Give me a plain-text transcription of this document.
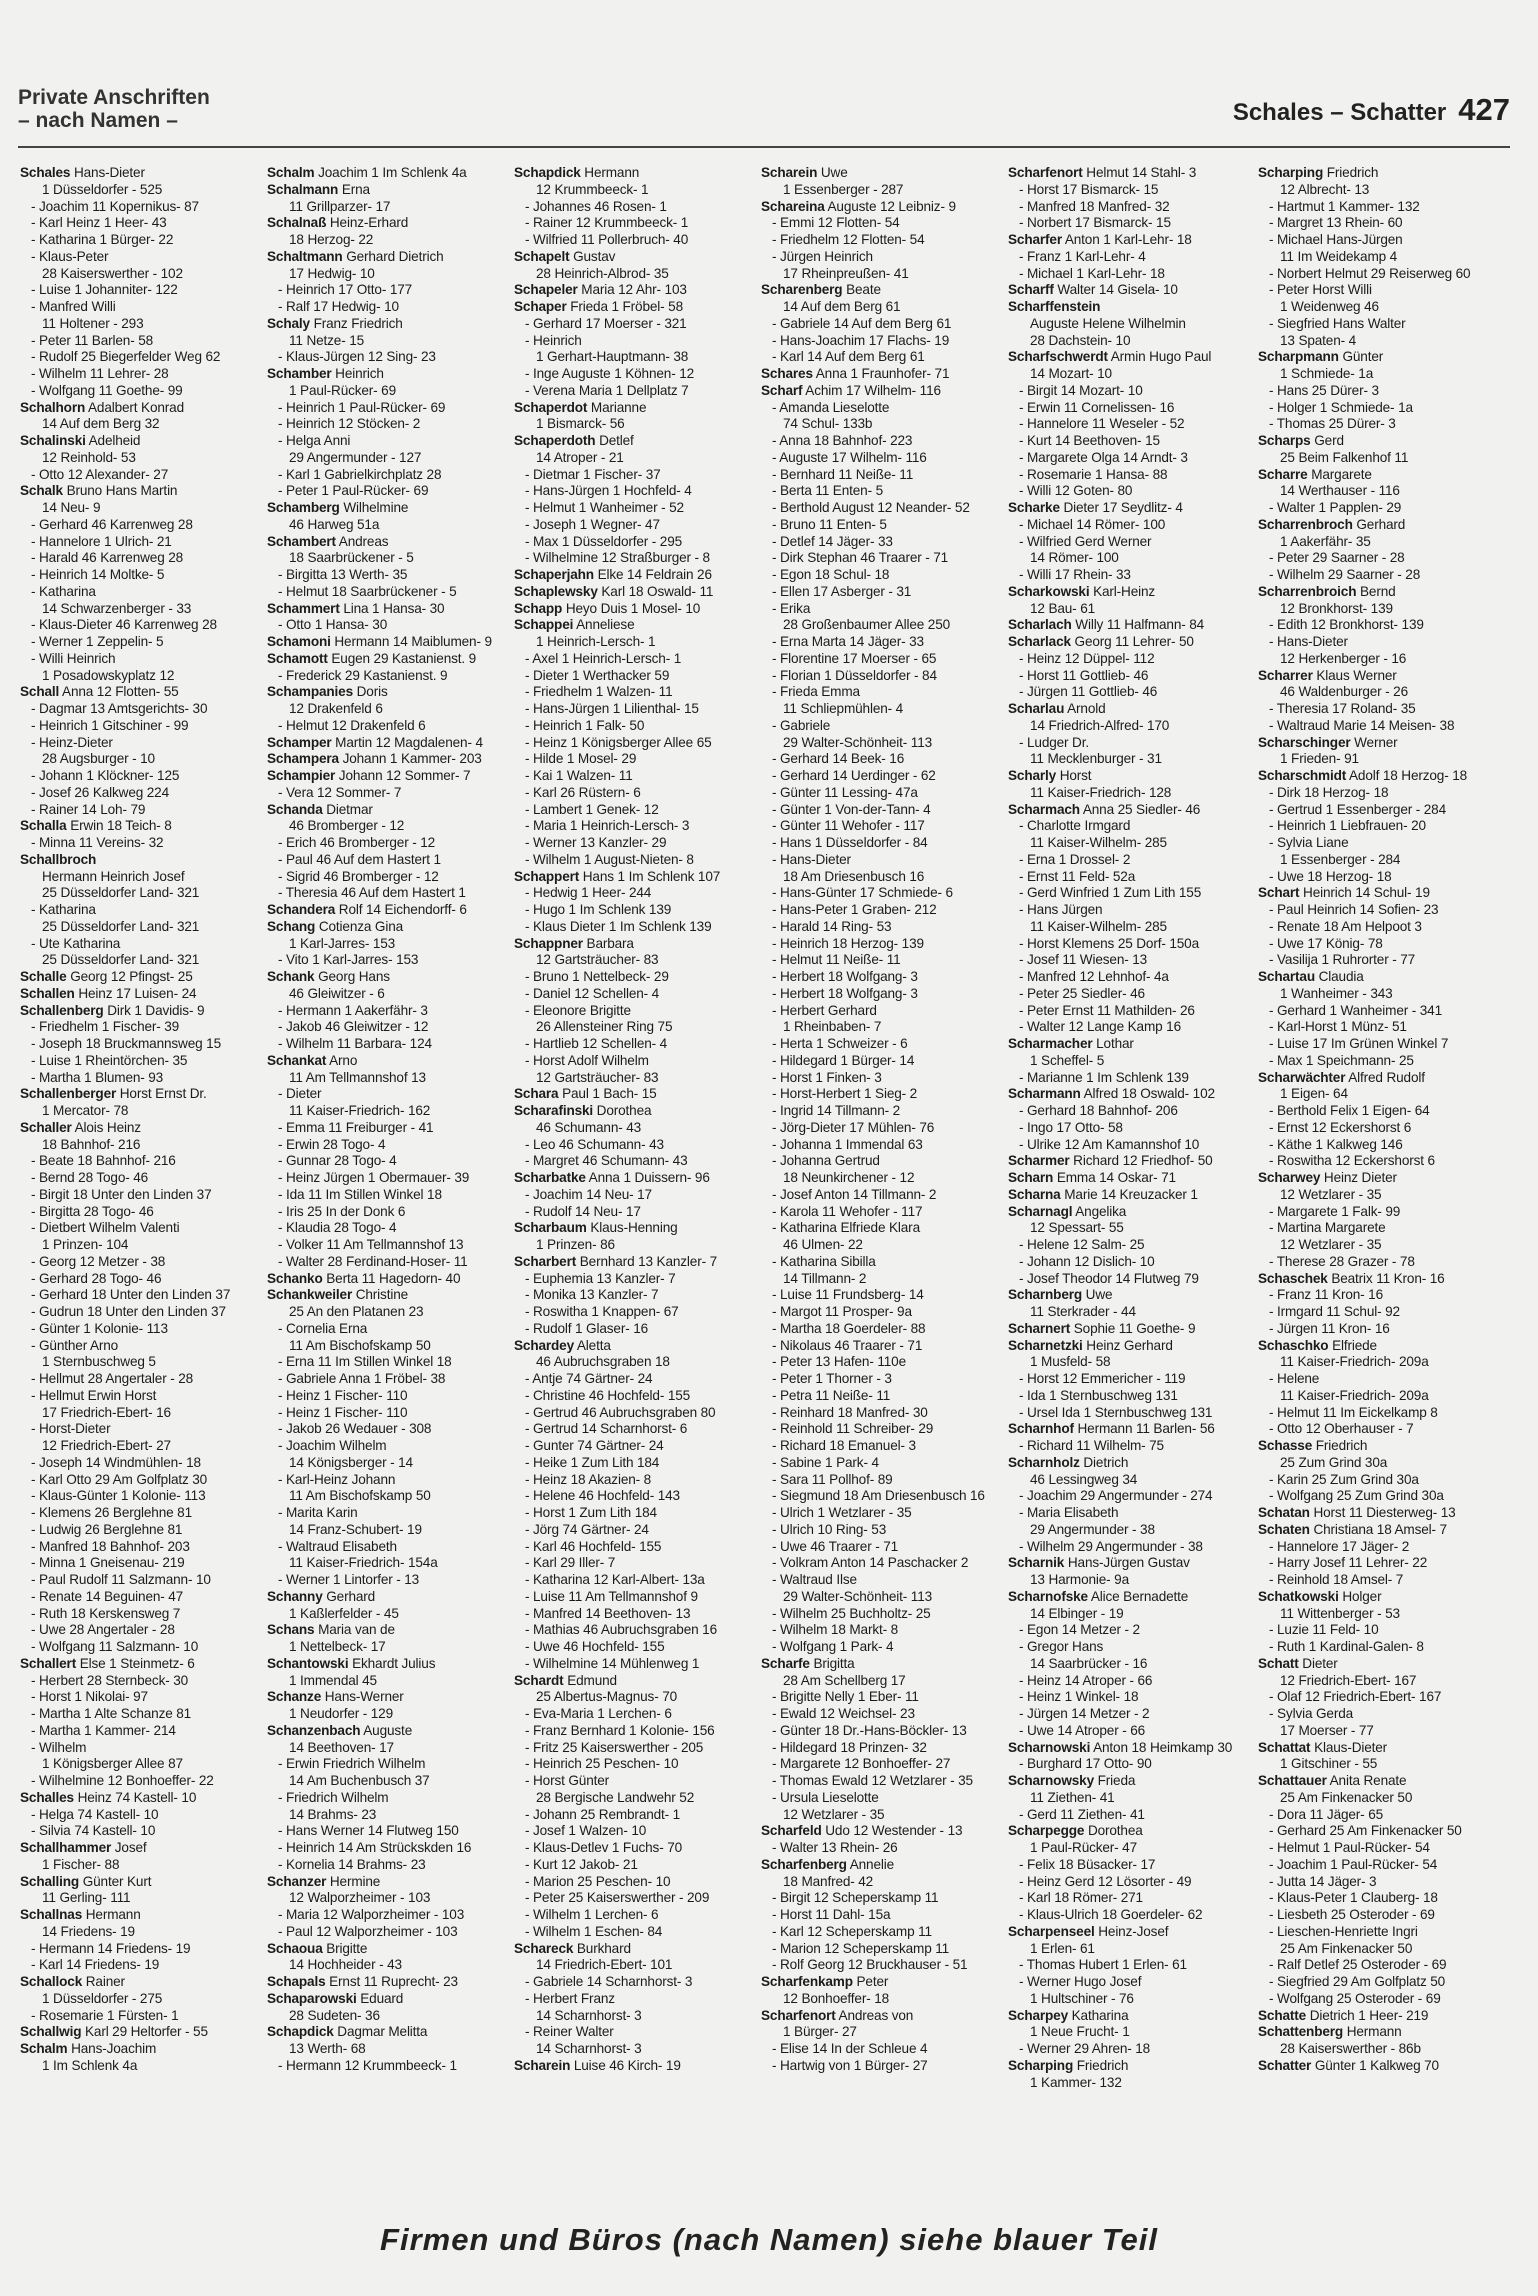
Private Anschriften
– nach Namen –	Schales – Schatter 427
Schales Hans-Dieter
1 Düsseldorfer - 525
- Joachim 11 Kopernikus- 87
- Karl Heinz 1 Heer- 43
- Katharina 1 Bürger- 22
- Klaus-Peter
28 Kaiserswerther - 102
- Luise 1 Johanniter- 122
- Manfred Willi
11 Holtener - 293
- Peter 11 Barlen- 58
- Rudolf 25 Biegerfelder Weg 62
- Wilhelm 11 Lehrer- 28
- Wolfgang 11 Goethe- 99
Schalhorn Adalbert Konrad
14 Auf dem Berg 32
Schalinski Adelheid
12 Reinhold- 53
- Otto 12 Alexander- 27
Schalk Bruno Hans Martin
14 Neu- 9
- Gerhard 46 Karrenweg 28
- Hannelore 1 Ulrich- 21
- Harald 46 Karrenweg 28
- Heinrich 14 Moltke- 5
- Katharina
14 Schwarzenberger - 33
- Klaus-Dieter 46 Karrenweg 28
- Werner 1 Zeppelin- 5
- Willi Heinrich
1 Posadowskyplatz 12
Schall Anna 12 Flotten- 55
- Dagmar 13 Amtsgerichts- 30
- Heinrich 1 Gitschiner - 99
- Heinz-Dieter
28 Augsburger - 10
- Johann 1 Klöckner- 125
- Josef 26 Kalkweg 224
- Rainer 14 Loh- 79
Schalla Erwin 18 Teich- 8
- Minna 11 Vereins- 32
Schallbroch
Hermann Heinrich Josef
25 Düsseldorfer Land- 321
- Katharina
25 Düsseldorfer Land- 321
- Ute Katharina
25 Düsseldorfer Land- 321
Schalle Georg 12 Pfingst- 25
Schallen Heinz 17 Luisen- 24
Schallenberg Dirk 1 Davidis- 9
- Friedhelm 1 Fischer- 39
- Joseph 18 Bruckmannsweg 15
- Luise 1 Rheintörchen- 35
- Martha 1 Blumen- 93
Schallenberger Horst Ernst Dr.
1 Mercator- 78
Schaller Alois Heinz
18 Bahnhof- 216
- Beate 18 Bahnhof- 216
- Bernd 28 Togo- 46
- Birgit 18 Unter den Linden 37
- Birgitta 28 Togo- 46
- Dietbert Wilhelm Valenti
1 Prinzen- 104
- Georg 12 Metzer - 38
- Gerhard 28 Togo- 46
- Gerhard 18 Unter den Linden 37
- Gudrun 18 Unter den Linden 37
- Günter 1 Kolonie- 113
- Günther Arno
1 Sternbuschweg 5
- Hellmut 28 Angertaler - 28
- Hellmut Erwin Horst
17 Friedrich-Ebert- 16
- Horst-Dieter
12 Friedrich-Ebert- 27
- Joseph 14 Windmühlen- 18
- Karl Otto 29 Am Golfplatz 30
- Klaus-Günter 1 Kolonie- 113
- Klemens 26 Berglehne 81
- Ludwig 26 Berglehne 81
- Manfred 18 Bahnhof- 203
- Minna 1 Gneisenau- 219
- Paul Rudolf 11 Salzmann- 10
- Renate 14 Beguinen- 47
- Ruth 18 Kerskensweg 7
- Uwe 28 Angertaler - 28
- Wolfgang 11 Salzmann- 10
Schallert Else 1 Steinmetz- 6
- Herbert 28 Sternbeck- 30
- Horst 1 Nikolai- 97
- Martha 1 Alte Schanze 81
- Martha 1 Kammer- 214
- Wilhelm
1 Königsberger Allee 87
- Wilhelmine 12 Bonhoeffer- 22
Schalles Heinz 74 Kastell- 10
- Helga 74 Kastell- 10
- Silvia 74 Kastell- 10
Schallhammer Josef
1 Fischer- 88
Schalling Günter Kurt
11 Gerling- 111
Schallnas Hermann
14 Friedens- 19
- Hermann 14 Friedens- 19
- Karl 14 Friedens- 19
Schallock Rainer
1 Düsseldorfer - 275
- Rosemarie 1 Fürsten- 1
Schallwig Karl 29 Heltorfer - 55
Schalm Hans-Joachim
1 Im Schlenk 4a
Schalm Joachim 1 Im Schlenk 4a
Schalmann Erna
11 Grillparzer- 17
Schalnaß Heinz-Erhard
18 Herzog- 22
Schaltmann Gerhard Dietrich
17 Hedwig- 10
- Heinrich 17 Otto- 177
- Ralf 17 Hedwig- 10
Schaly Franz Friedrich
11 Netze- 15
- Klaus-Jürgen 12 Sing- 23
Schamber Heinrich
1 Paul-Rücker- 69
- Heinrich 1 Paul-Rücker- 69
- Heinrich 12 Stöcken- 2
- Helga Anni
29 Angermunder - 127
- Karl 1 Gabrielkirchplatz 28
- Peter 1 Paul-Rücker- 69
Schamberg Wilhelmine
46 Harweg 51a
Schambert Andreas
18 Saarbrückener - 5
- Birgitta 13 Werth- 35
- Helmut 18 Saarbrückener - 5
Schammert Lina 1 Hansa- 30
- Otto 1 Hansa- 30
Schamoni Hermann 14 Maiblumen- 9
Schamott Eugen 29 Kastanienst. 9
- Frederick 29 Kastanienst. 9
Schampanies Doris
12 Drakenfeld 6
- Helmut 12 Drakenfeld 6
Schamper Martin 12 Magdalenen- 4
Schampera Johann 1 Kammer- 203
Schampier Johann 12 Sommer- 7
- Vera 12 Sommer- 7
Schanda Dietmar
46 Bromberger - 12
- Erich 46 Bromberger - 12
- Paul 46 Auf dem Hastert 1
- Sigrid 46 Bromberger - 12
- Theresia 46 Auf dem Hastert 1
Schandera Rolf 14 Eichendorff- 6
Schang Cotienza Gina
1 Karl-Jarres- 153
- Vito 1 Karl-Jarres- 153
Schank Georg Hans
46 Gleiwitzer - 6
- Hermann 1 Aakerfähr- 3
- Jakob 46 Gleiwitzer - 12
- Wilhelm 11 Barbara- 124
Schankat Arno
11 Am Tellmannshof 13
- Dieter
11 Kaiser-Friedrich- 162
- Emma 11 Freiburger - 41
- Erwin 28 Togo- 4
- Gunnar 28 Togo- 4
- Heinz Jürgen 1 Obermauer- 39
- Ida 11 Im Stillen Winkel 18
- Iris 25 In der Donk 6
- Klaudia 28 Togo- 4
- Volker 11 Am Tellmannshof 13
- Walter 28 Ferdinand-Hoser- 11
Schanko Berta 11 Hagedorn- 40
Schankweiler Christine
25 An den Platanen 23
- Cornelia Erna
11 Am Bischofskamp 50
- Erna 11 Im Stillen Winkel 18
- Gabriele Anna 1 Fröbel- 38
- Heinz 1 Fischer- 110
- Heinz 1 Fischer- 110
- Jakob 26 Wedauer - 308
- Joachim Wilhelm
14 Königsberger - 14
- Karl-Heinz Johann
11 Am Bischofskamp 50
- Marita Karin
14 Franz-Schubert- 19
- Waltraud Elisabeth
11 Kaiser-Friedrich- 154a
- Werner 1 Lintorfer - 13
Schanny Gerhard
1 Kaßlerfelder - 45
Schans Maria van de
1 Nettelbeck- 17
Schantowski Ekhardt Julius
1 Immendal 45
Schanze Hans-Werner
1 Neudorfer - 129
Schanzenbach Auguste
14 Beethoven- 17
- Erwin Friedrich Wilhelm
14 Am Buchenbusch 37
- Friedrich Wilhelm
14 Brahms- 23
- Hans Werner 14 Flutweg 150
- Heinrich 14 Am Strückskden 16
- Kornelia 14 Brahms- 23
Schanzer Hermine
12 Walporzheimer - 103
- Maria 12 Walporzheimer - 103
- Paul 12 Walporzheimer - 103
Schaoua Brigitte
14 Hochheider - 43
Schapals Ernst 11 Ruprecht- 23
Schaparowski Eduard
28 Sudeten- 36
Schapdick Dagmar Melitta
13 Werth- 68
- Hermann 12 Krummbeeck- 1
Schapdick Hermann
12 Krummbeeck- 1
- Johannes 46 Rosen- 1
- Rainer 12 Krummbeeck- 1
- Wilfried 11 Pollerbruch- 40
Schapelt Gustav
28 Heinrich-Albrod- 35
Schapeler Maria 12 Ahr- 103
Schaper Frieda 1 Fröbel- 58
- Gerhard 17 Moerser - 321
- Heinrich
1 Gerhart-Hauptmann- 38
- Inge Auguste 1 Köhnen- 12
- Verena Maria 1 Dellplatz 7
Schaperdot Marianne
1 Bismarck- 56
Schaperdoth Detlef
14 Atroper - 21
- Dietmar 1 Fischer- 37
- Hans-Jürgen 1 Hochfeld- 4
- Helmut 1 Wanheimer - 52
- Joseph 1 Wegner- 47
- Max 1 Düsseldorfer - 295
- Wilhelmine 12 Straßburger - 8
Schaperjahn Elke 14 Feldrain 26
Schaplewsky Karl 18 Oswald- 11
Schapp Heyo Duis 1 Mosel- 10
Schappei Anneliese
1 Heinrich-Lersch- 1
- Axel 1 Heinrich-Lersch- 1
- Dieter 1 Werthacker 59
- Friedhelm 1 Walzen- 11
- Hans-Jürgen 1 Lilienthal- 15
- Heinrich 1 Falk- 50
- Heinz 1 Königsberger Allee 65
- Hilde 1 Mosel- 29
- Kai 1 Walzen- 11
- Karl 26 Rüstern- 6
- Lambert 1 Genek- 12
- Maria 1 Heinrich-Lersch- 3
- Werner 13 Kanzler- 29
- Wilhelm 1 August-Nieten- 8
Schappert Hans 1 Im Schlenk 107
- Hedwig 1 Heer- 244
- Hugo 1 Im Schlenk 139
- Klaus Dieter 1 Im Schlenk 139
Schappner Barbara
12 Gartsträucher- 83
- Bruno 1 Nettelbeck- 29
- Daniel 12 Schellen- 4
- Eleonore Brigitte
26 Allensteiner Ring 75
- Hartlieb 12 Schellen- 4
- Horst Adolf Wilhelm
12 Gartsträucher- 83
Schara Paul 1 Bach- 15
Scharafinski Dorothea
46 Schumann- 43
- Leo 46 Schumann- 43
- Margret 46 Schumann- 43
Scharbatke Anna 1 Duissern- 96
- Joachim 14 Neu- 17
- Rudolf 14 Neu- 17
Scharbaum Klaus-Henning
1 Prinzen- 86
Scharbert Bernhard 13 Kanzler- 7
- Euphemia 13 Kanzler- 7
- Monika 13 Kanzler- 7
- Roswitha 1 Knappen- 67
- Rudolf 1 Glaser- 16
Schardey Aletta
46 Aubruchsgraben 18
- Antje 74 Gärtner- 24
- Christine 46 Hochfeld- 155
- Gertrud 46 Aubruchsgraben 80
- Gertrud 14 Scharnhorst- 6
- Gunter 74 Gärtner- 24
- Heike 1 Zum Lith 184
- Heinz 18 Akazien- 8
- Helene 46 Hochfeld- 143
- Horst 1 Zum Lith 184
- Jörg 74 Gärtner- 24
- Karl 46 Hochfeld- 155
- Karl 29 Iller- 7
- Katharina 12 Karl-Albert- 13a
- Luise 11 Am Tellmannshof 9
- Manfred 14 Beethoven- 13
- Mathias 46 Aubruchsgraben 16
- Uwe 46 Hochfeld- 155
- Wilhelmine 14 Mühlenweg 1
Schardt Edmund
25 Albertus-Magnus- 70
- Eva-Maria 1 Lerchen- 6
- Franz Bernhard 1 Kolonie- 156
- Fritz 25 Kaiserswerther - 205
- Heinrich 25 Peschen- 10
- Horst Günter
28 Bergische Landwehr 52
- Johann 25 Rembrandt- 1
- Josef 1 Walzen- 10
- Klaus-Detlev 1 Fuchs- 70
- Kurt 12 Jakob- 21
- Marion 25 Peschen- 10
- Peter 25 Kaiserswerther - 209
- Wilhelm 1 Lerchen- 6
- Wilhelm 1 Eschen- 84
Schareck Burkhard
14 Friedrich-Ebert- 101
- Gabriele 14 Scharnhorst- 3
- Herbert Franz
14 Scharnhorst- 3
- Reiner Walter
14 Scharnhorst- 3
Scharein Luise 46 Kirch- 19
Scharein Uwe
1 Essenberger - 287
Schareina Auguste 12 Leibniz- 9
- Emmi 12 Flotten- 54
- Friedhelm 12 Flotten- 54
- Jürgen Heinrich
17 Rheinpreußen- 41
Scharenberg Beate
14 Auf dem Berg 61
- Gabriele 14 Auf dem Berg 61
- Hans-Joachim 17 Flachs- 19
- Karl 14 Auf dem Berg 61
Schares Anna 1 Fraunhofer- 71
Scharf Achim 17 Wilhelm- 116
- Amanda Lieselotte
74 Schul- 133b
- Anna 18 Bahnhof- 223
- Auguste 17 Wilhelm- 116
- Bernhard 11 Neiße- 11
- Berta 11 Enten- 5
- Berthold August 12 Neander- 52
- Bruno 11 Enten- 5
- Detlef 14 Jäger- 33
- Dirk Stephan 46 Traarer - 71
- Egon 18 Schul- 18
- Ellen 17 Asberger - 31
- Erika
28 Großenbaumer Allee 250
- Erna Marta 14 Jäger- 33
- Florentine 17 Moerser - 65
- Florian 1 Düsseldorfer - 84
- Frieda Emma
11 Schliepmühlen- 4
- Gabriele
29 Walter-Schönheit- 113
- Gerhard 14 Beek- 16
- Gerhard 14 Uerdinger - 62
- Günter 11 Lessing- 47a
- Günter 1 Von-der-Tann- 4
- Günter 11 Wehofer - 117
- Hans 1 Düsseldorfer - 84
- Hans-Dieter
18 Am Driesenbusch 16
- Hans-Günter 17 Schmiede- 6
- Hans-Peter 1 Graben- 212
- Harald 14 Ring- 53
- Heinrich 18 Herzog- 139
- Helmut 11 Neiße- 11
- Herbert 18 Wolfgang- 3
- Herbert 18 Wolfgang- 3
- Herbert Gerhard
1 Rheinbaben- 7
- Herta 1 Schweizer - 6
- Hildegard 1 Bürger- 14
- Horst 1 Finken- 3
- Horst-Herbert 1 Sieg- 2
- Ingrid 14 Tillmann- 2
- Jörg-Dieter 17 Mühlen- 76
- Johanna 1 Immendal 63
- Johanna Gertrud
18 Neunkirchener - 12
- Josef Anton 14 Tillmann- 2
- Karola 11 Wehofer - 117
- Katharina Elfriede Klara
46 Ulmen- 22
- Katharina Sibilla
14 Tillmann- 2
- Luise 11 Frundsberg- 14
- Margot 11 Prosper- 9a
- Martha 18 Goerdeler- 88
- Nikolaus 46 Traarer - 71
- Peter 13 Hafen- 110e
- Peter 1 Thorner - 3
- Petra 11 Neiße- 11
- Reinhard 18 Manfred- 30
- Reinhold 11 Schreiber- 29
- Richard 18 Emanuel- 3
- Sabine 1 Park- 4
- Sara 11 Pollhof- 89
- Siegmund 18 Am Driesenbusch 16
- Ulrich 1 Wetzlarer - 35
- Ulrich 10 Ring- 53
- Uwe 46 Traarer - 71
- Volkram Anton 14 Paschacker 2
- Waltraud Ilse
29 Walter-Schönheit- 113
- Wilhelm 25 Buchholtz- 25
- Wilhelm 18 Markt- 8
- Wolfgang 1 Park- 4
Scharfe Brigitta
28 Am Schellberg 17
- Brigitte Nelly 1 Eber- 11
- Ewald 12 Weichsel- 23
- Günter 18 Dr.-Hans-Böckler- 13
- Hildegard 18 Prinzen- 32
- Margarete 12 Bonhoeffer- 27
- Thomas Ewald 12 Wetzlarer - 35
- Ursula Lieselotte
12 Wetzlarer - 35
Scharfeld Udo 12 Westender - 13
- Walter 13 Rhein- 26
Scharfenberg Annelie
18 Manfred- 42
- Birgit 12 Scheperskamp 11
- Horst 11 Dahl- 15a
- Karl 12 Scheperskamp 11
- Marion 12 Scheperskamp 11
- Rolf Georg 12 Bruckhauser - 51
Scharfenkamp Peter
12 Bonhoeffer- 18
Scharfenort Andreas von
1 Bürger- 27
- Elise 14 In der Schleue 4
- Hartwig von 1 Bürger- 27
Scharfenort Helmut 14 Stahl- 3
- Horst 17 Bismarck- 15
- Manfred 18 Manfred- 32
- Norbert 17 Bismarck- 15
Scharfer Anton 1 Karl-Lehr- 18
- Franz 1 Karl-Lehr- 4
- Michael 1 Karl-Lehr- 18
Scharff Walter 14 Gisela- 10
Scharffenstein
Auguste Helene Wilhelmin
28 Dachstein- 10
Scharfschwerdt Armin Hugo Paul
14 Mozart- 10
- Birgit 14 Mozart- 10
- Erwin 11 Cornelissen- 16
- Hannelore 11 Weseler - 52
- Kurt 14 Beethoven- 15
- Margarete Olga 14 Arndt- 3
- Rosemarie 1 Hansa- 88
- Willi 12 Goten- 80
Scharke Dieter 17 Seydlitz- 4
- Michael 14 Römer- 100
- Wilfried Gerd Werner
14 Römer- 100
- Willi 17 Rhein- 33
Scharkowski Karl-Heinz
12 Bau- 61
Scharlach Willy 11 Halfmann- 84
Scharlack Georg 11 Lehrer- 50
- Heinz 12 Düppel- 112
- Horst 11 Gottlieb- 46
- Jürgen 11 Gottlieb- 46
Scharlau Arnold
14 Friedrich-Alfred- 170
- Ludger Dr.
11 Mecklenburger - 31
Scharly Horst
11 Kaiser-Friedrich- 128
Scharmach Anna 25 Siedler- 46
- Charlotte Irmgard
11 Kaiser-Wilhelm- 285
- Erna 1 Drossel- 2
- Ernst 11 Feld- 52a
- Gerd Winfried 1 Zum Lith 155
- Hans Jürgen
11 Kaiser-Wilhelm- 285
- Horst Klemens 25 Dorf- 150a
- Josef 11 Wiesen- 13
- Manfred 12 Lehnhof- 4a
- Peter 25 Siedler- 46
- Peter Ernst 11 Mathilden- 26
- Walter 12 Lange Kamp 16
Scharmacher Lothar
1 Scheffel- 5
- Marianne 1 Im Schlenk 139
Scharmann Alfred 18 Oswald- 102
- Gerhard 18 Bahnhof- 206
- Ingo 17 Otto- 58
- Ulrike 12 Am Kamannshof 10
Scharmer Richard 12 Friedhof- 50
Scharn Emma 14 Oskar- 71
Scharna Marie 14 Kreuzacker 1
Scharnagl Angelika
12 Spessart- 55
- Helene 12 Salm- 25
- Johann 12 Dislich- 10
- Josef Theodor 14 Flutweg 79
Scharnberg Uwe
11 Sterkrader - 44
Scharnert Sophie 11 Goethe- 9
Scharnetzki Heinz Gerhard
1 Musfeld- 58
- Horst 12 Emmericher - 119
- Ida 1 Sternbuschweg 131
- Ursel Ida 1 Sternbuschweg 131
Scharnhof Hermann 11 Barlen- 56
- Richard 11 Wilhelm- 75
Scharnholz Dietrich
46 Lessingweg 34
- Joachim 29 Angermunder - 274
- Maria Elisabeth
29 Angermunder - 38
- Wilhelm 29 Angermunder - 38
Scharnik Hans-Jürgen Gustav
13 Harmonie- 9a
Scharnofske Alice Bernadette
14 Elbinger - 19
- Egon 14 Metzer - 2
- Gregor Hans
14 Saarbrücker - 16
- Heinz 14 Atroper - 66
- Heinz 1 Winkel- 18
- Jürgen 14 Metzer - 2
- Uwe 14 Atroper - 66
Scharnowski Anton 18 Heimkamp 30
- Burghard 17 Otto- 90
Scharnowsky Frieda
11 Ziethen- 41
- Gerd 11 Ziethen- 41
Scharpegge Dorothea
1 Paul-Rücker- 47
- Felix 18 Büsacker- 17
- Heinz Gerd 12 Lösorter - 49
- Karl 18 Römer- 271
- Klaus-Ulrich 18 Goerdeler- 62
Scharpenseel Heinz-Josef
1 Erlen- 61
- Thomas Hubert 1 Erlen- 61
- Werner Hugo Josef
1 Hultschiner - 76
Scharpey Katharina
1 Neue Frucht- 1
- Werner 29 Ahren- 18
Scharping Friedrich
1 Kammer- 132
Scharping Friedrich
12 Albrecht- 13
- Hartmut 1 Kammer- 132
- Margret 13 Rhein- 60
- Michael Hans-Jürgen
11 Im Weidekamp 4
- Norbert Helmut 29 Reiserweg 60
- Peter Horst Willi
1 Weidenweg 46
- Siegfried Hans Walter
13 Spaten- 4
Scharpmann Günter
1 Schmiede- 1a
- Hans 25 Dürer- 3
- Holger 1 Schmiede- 1a
- Thomas 25 Dürer- 3
Scharps Gerd
25 Beim Falkenhof 11
Scharre Margarete
14 Werthauser - 116
- Walter 1 Papplen- 29
Scharrenbroch Gerhard
1 Aakerfähr- 35
- Peter 29 Saarner - 28
- Wilhelm 29 Saarner - 28
Scharrenbroich Bernd
12 Bronkhorst- 139
- Edith 12 Bronkhorst- 139
- Hans-Dieter
12 Herkenberger - 16
Scharrer Klaus Werner
46 Waldenburger - 26
- Theresia 17 Roland- 35
- Waltraud Marie 14 Meisen- 38
Scharschinger Werner
1 Frieden- 91
Scharschmidt Adolf 18 Herzog- 18
- Dirk 18 Herzog- 18
- Gertrud 1 Essenberger - 284
- Heinrich 1 Liebfrauen- 20
- Sylvia Liane
1 Essenberger - 284
- Uwe 18 Herzog- 18
Schart Heinrich 14 Schul- 19
- Paul Heinrich 14 Sofien- 23
- Renate 18 Am Helpoot 3
- Uwe 17 König- 78
- Vasilija 1 Ruhrorter - 77
Schartau Claudia
1 Wanheimer - 343
- Gerhard 1 Wanheimer - 341
- Karl-Horst 1 Münz- 51
- Luise 17 Im Grünen Winkel 7
- Max 1 Speichmann- 25
Scharwächter Alfred Rudolf
1 Eigen- 64
- Berthold Felix 1 Eigen- 64
- Ernst 12 Eckershorst 6
- Käthe 1 Kalkweg 146
- Roswitha 12 Eckershorst 6
Scharwey Heinz Dieter
12 Wetzlarer - 35
- Margarete 1 Falk- 99
- Martina Margarete
12 Wetzlarer - 35
- Therese 28 Grazer - 78
Schaschek Beatrix 11 Kron- 16
- Franz 11 Kron- 16
- Irmgard 11 Schul- 92
- Jürgen 11 Kron- 16
Schaschko Elfriede
11 Kaiser-Friedrich- 209a
- Helene
11 Kaiser-Friedrich- 209a
- Helmut 11 Im Eickelkamp 8
- Otto 12 Oberhauser - 7
Schasse Friedrich
25 Zum Grind 30a
- Karin 25 Zum Grind 30a
- Wolfgang 25 Zum Grind 30a
Schatan Horst 11 Diesterweg- 13
Schaten Christiana 18 Amsel- 7
- Hannelore 17 Jäger- 2
- Harry Josef 11 Lehrer- 22
- Reinhold 18 Amsel- 7
Schatkowski Holger
11 Wittenberger - 53
- Luzie 11 Feld- 10
- Ruth 1 Kardinal-Galen- 8
Schatt Dieter
12 Friedrich-Ebert- 167
- Olaf 12 Friedrich-Ebert- 167
- Sylvia Gerda
17 Moerser - 77
Schattat Klaus-Dieter
1 Gitschiner - 55
Schattauer Anita Renate
25 Am Finkenacker 50
- Dora 11 Jäger- 65
- Gerhard 25 Am Finkenacker 50
- Helmut 1 Paul-Rücker- 54
- Joachim 1 Paul-Rücker- 54
- Jutta 14 Jäger- 3
- Klaus-Peter 1 Clauberg- 18
- Liesbeth 25 Osteroder - 69
- Lieschen-Henriette Ingri
25 Am Finkenacker 50
- Ralf Detlef 25 Osteroder - 69
- Siegfried 29 Am Golfplatz 50
- Wolfgang 25 Osteroder - 69
Schatte Dietrich 1 Heer- 219
Schattenberg Hermann
28 Kaiserswerther - 86b
Schatter Günter 1 Kalkweg 70
Firmen und Büros (nach Namen) siehe blauer Teil
